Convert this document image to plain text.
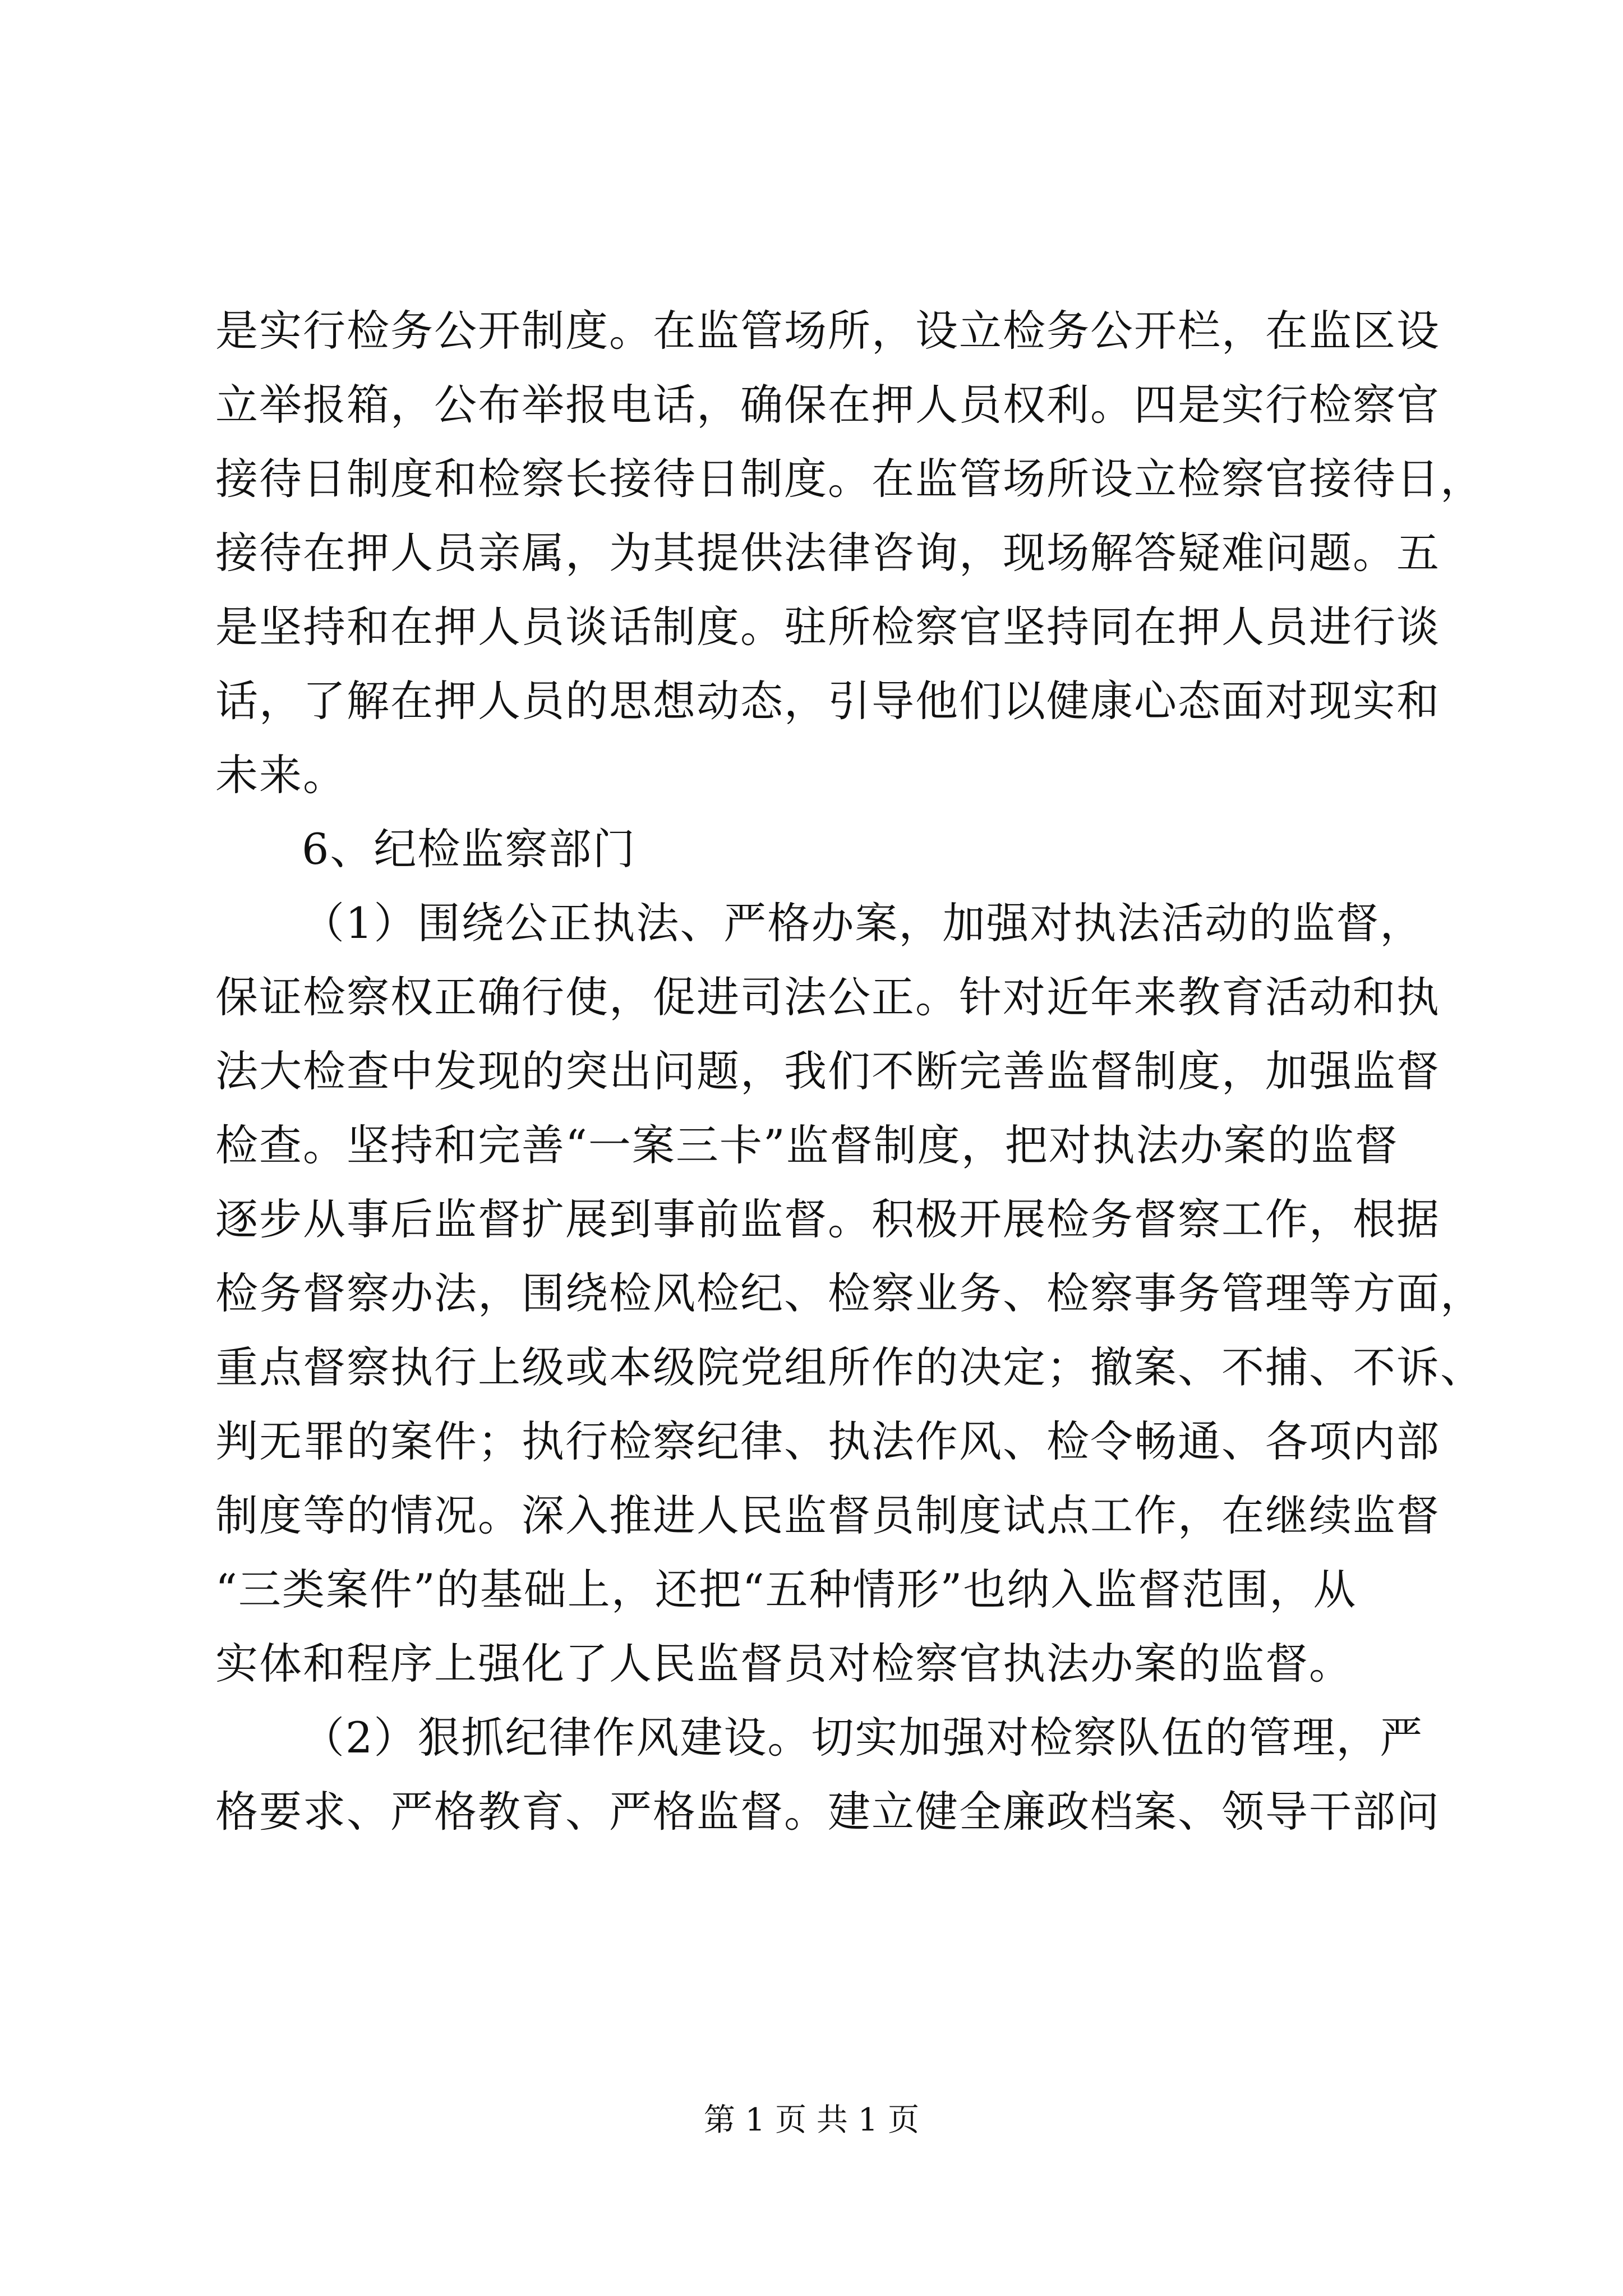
是实行检务公开制度。在监管场所，设立检务公开栏，在监区设
立举报箱，公布举报电话，确保在押人员权利。四是实行检察官
接待日制度和检察长接待日制度。在监管场所设立检察官接待日，
接待在押人员亲属，为其提供法律咨询，现场解答疑难问题。五
是坚持和在押人员谈话制度。驻所检察官坚持同在押人员进行谈
话，了解在押人员的思想动态，引导他们以健康心态面对现实和
未来。
6、纪检监察部门
（1）围绕公正执法、严格办案，加强对执法活动的监督，
保证检察权正确行使，促进司法公正。针对近年来教育活动和执
法大检查中发现的突出问题，我们不断完善监督制度，加强监督
检查。坚持和完善“一案三卡”监督制度，把对执法办案的监督
逐步从事后监督扩展到事前监督。积极开展检务督察工作，根据
检务督察办法，围绕检风检纪、检察业务、检察事务管理等方面，
重点督察执行上级或本级院党组所作的决定；撤案、不捕、不诉、
判无罪的案件；执行检察纪律、执法作风、检令畅通、各项内部
制度等的情况。深入推进人民监督员制度试点工作，在继续监督
“三类案件”的基础上，还把“五种情形”也纳入监督范围，从
实体和程序上强化了人民监督员对检察官执法办案的监督。
（2）狠抓纪律作风建设。切实加强对检察队伍的管理，严
格要求、严格教育、严格监督。建立健全廉政档案、领导干部问
第 1 页 共 1 页
